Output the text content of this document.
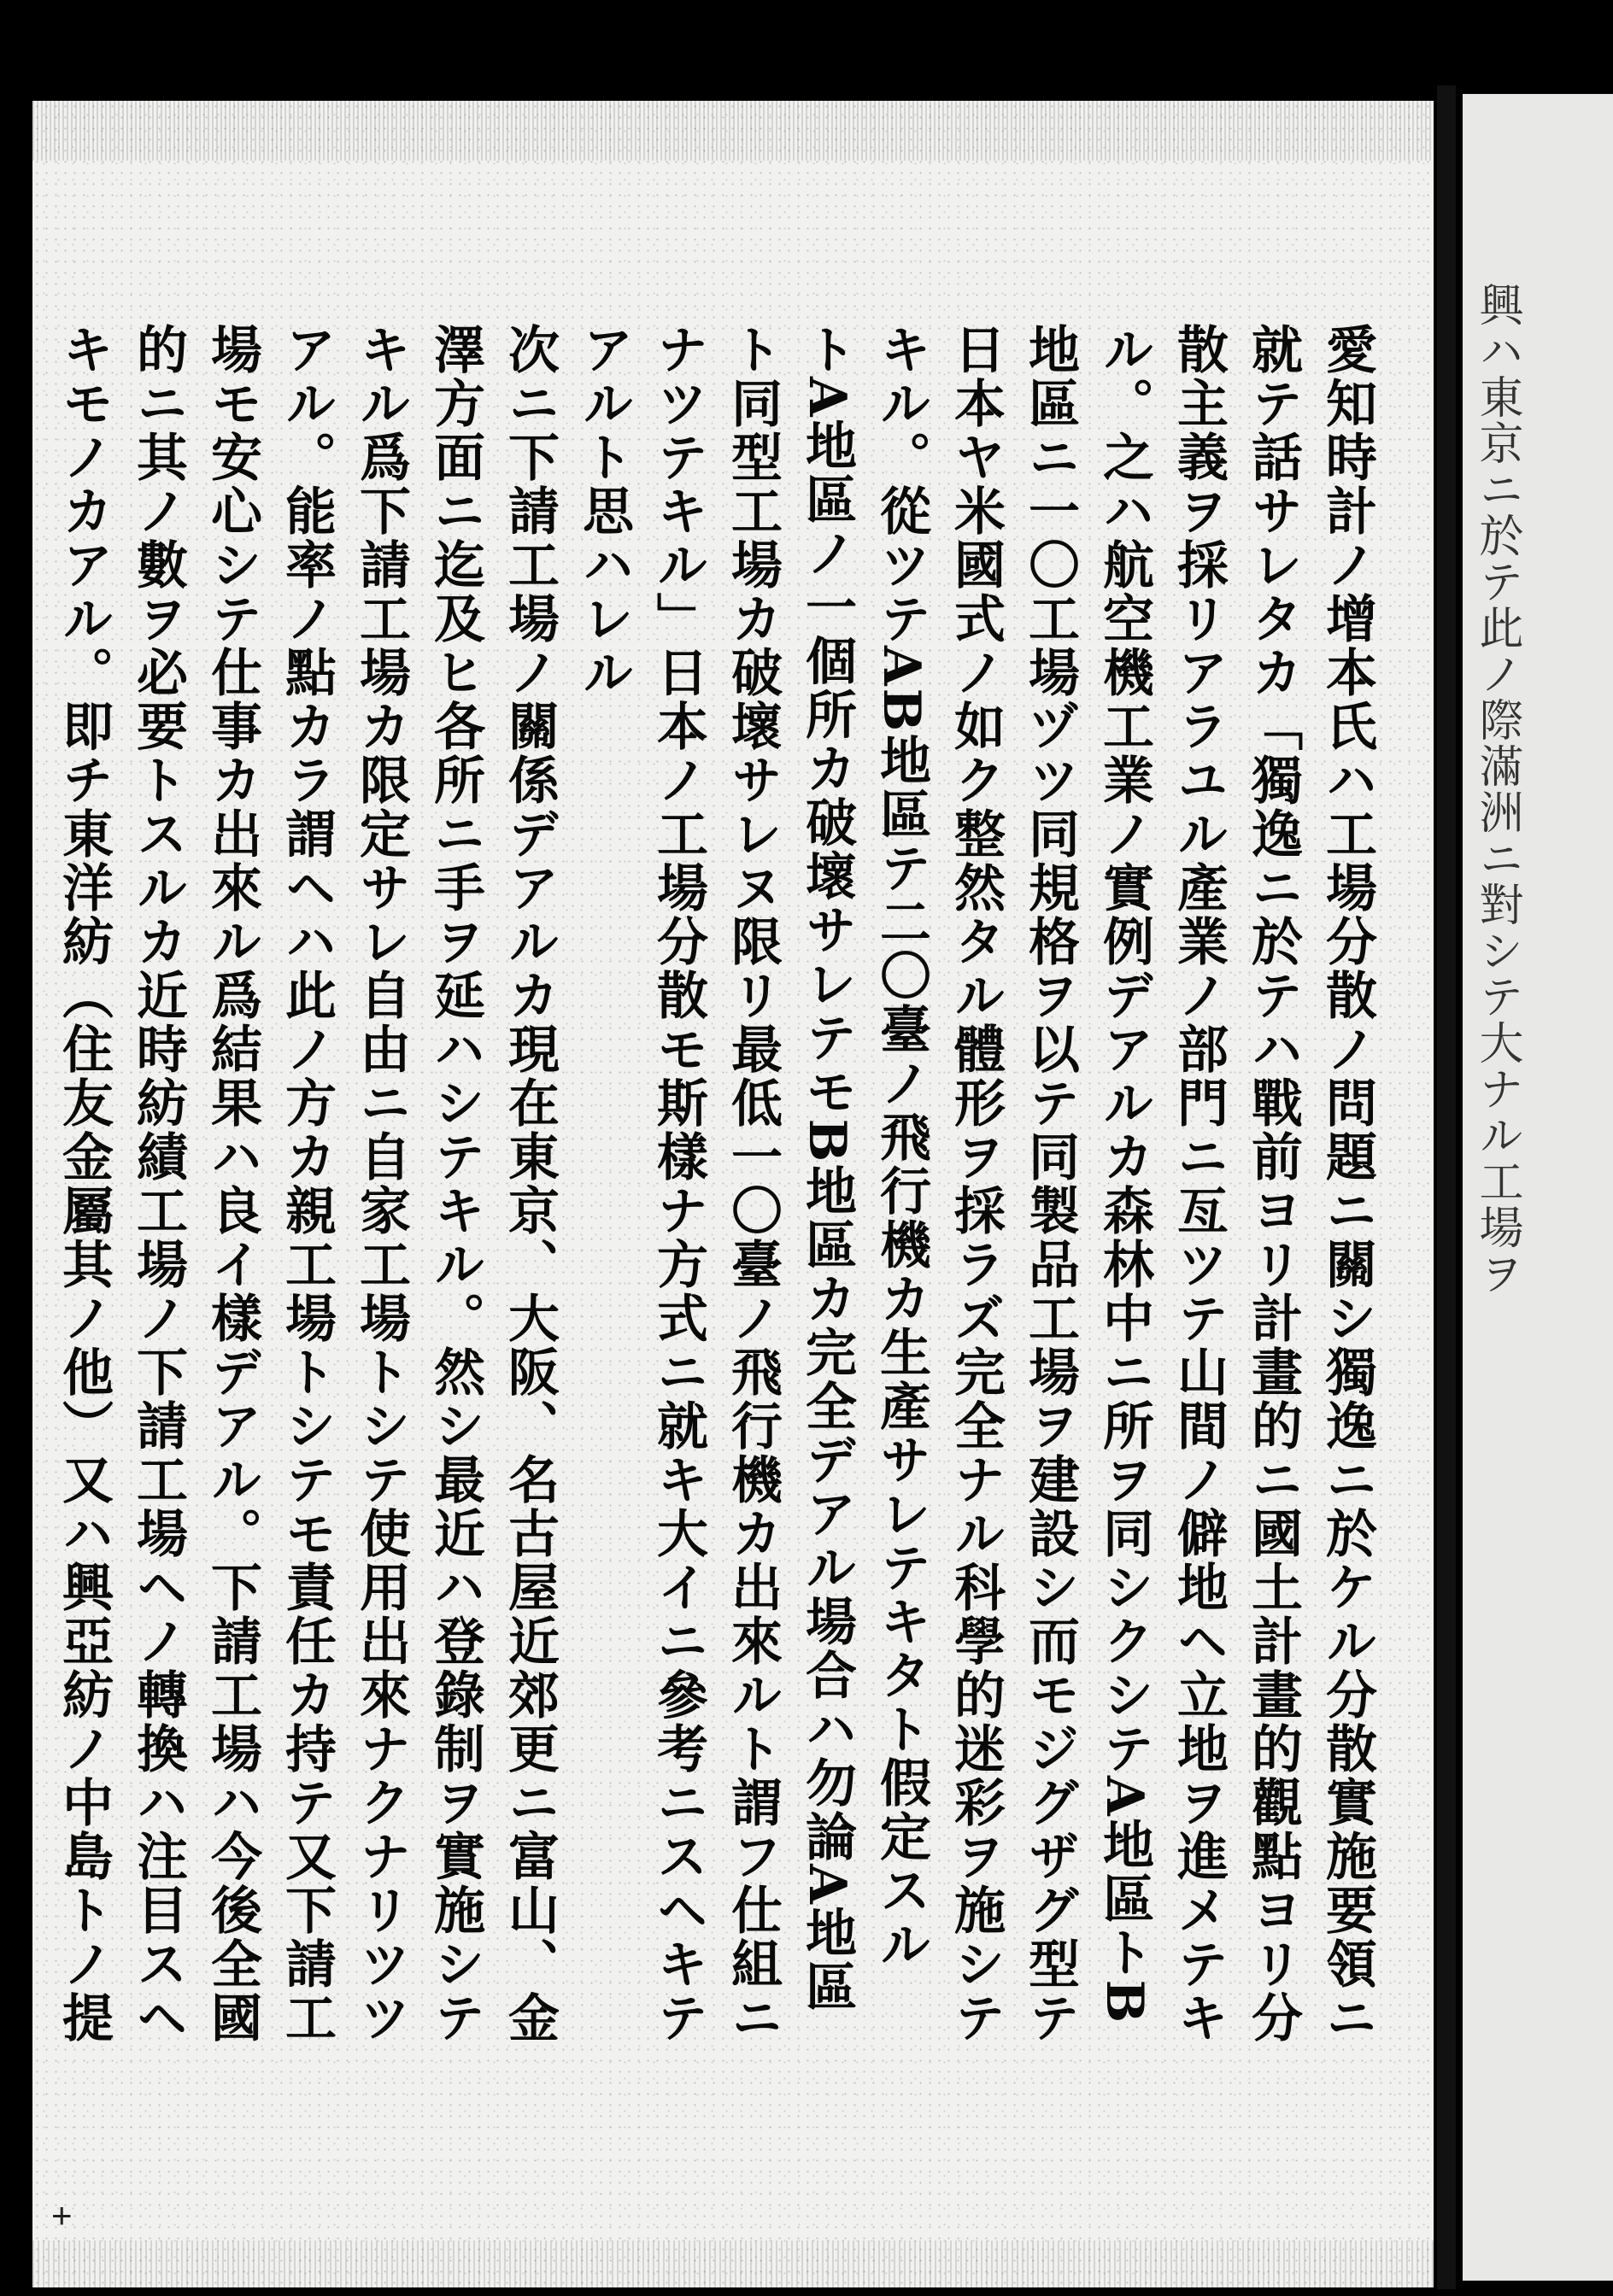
興ハ東京ニ於テ此ノ際滿洲ニ對シテ大ナル工場ヲ

愛知時計ノ增本氏ハ工場分散ノ問題ニ關シ獨逸ニ於ケル分散實施要領ニ

就テ話サレタカ「獨逸ニ於テハ戰前ヨリ計畫的ニ國土計畫的觀點ヨリ分

散主義ヲ採リアラユル產業ノ部門ニ亙ツテ山間ノ僻地ヘ立地ヲ進メテキ

ル。之ハ航空機工業ノ實例デアルカ森林中ニ所ヲ同シクシテA地區トB

地區ニ一〇工場ヅツ同規格ヲ以テ同製品工場ヲ建設シ而モジグザグ型テ

日本ヤ米國式ノ如ク整然タル體形ヲ採ラズ完全ナル科學的迷彩ヲ施シテ

キル。從ツテAB地區テ二〇臺ノ飛行機カ生產サレテキタト假定スル

トA地區ノ一個所カ破壞サレテモB地區カ完全デアル場合ハ勿論A地區

ト同型工場カ破壞サレヌ限リ最低一〇臺ノ飛行機カ出來ルト謂フ仕組ニ

ナツテキル」日本ノ工場分散モ斯樣ナ方式ニ就キ大イニ參考ニスヘキテ

アルト思ハレル

次ニ下請工場ノ關係デアルカ現在東京、大阪、名古屋近郊更ニ富山、金

澤方面ニ迄及ヒ各所ニ手ヲ延ハシテキル。然シ最近ハ登錄制ヲ實施シテ

キル爲下請工場カ限定サレ自由ニ自家工場トシテ使用出來ナクナリツツ

アル。能率ノ點カラ謂ヘハ此ノ方カ親工場トシテモ責任カ持テ又下請工

場モ安心シテ仕事カ出來ル爲結果ハ良イ樣デアル。下請工場ハ今後全國

的ニ其ノ數ヲ必要トスルカ近時紡績工場ノ下請工場ヘノ轉換ハ注目スヘ

キモノカアル。即チ東洋紡（住友金屬其ノ他）又ハ興亞紡ノ中島トノ提

+
